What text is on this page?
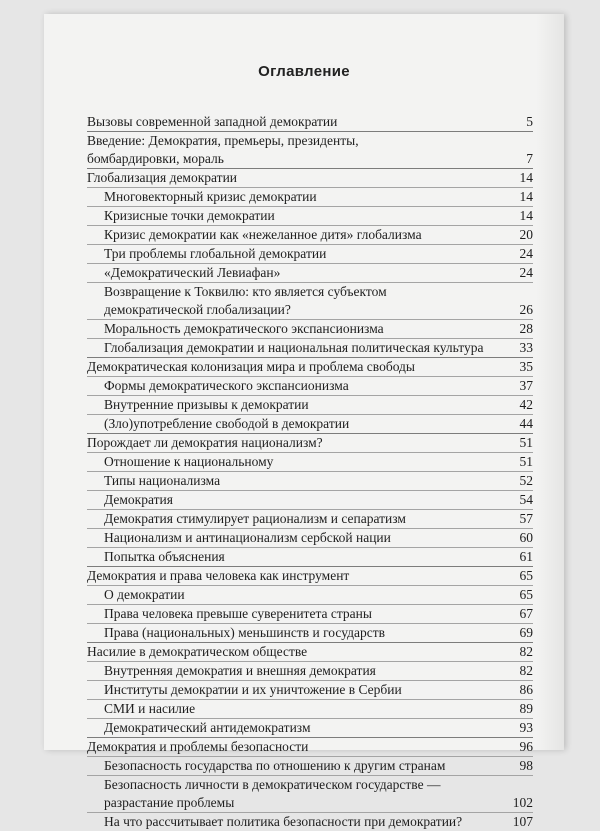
Оглавление
Вызовы современной западной демократии	5
Введение: Демократия, премьеры, президенты,
бомбардировки, мораль	7
Глобализация демократии	14
Многовекторный кризис демократии	14
Кризисные точки демократии	14
Кризис демократии как «нежеланное дитя» глобализма	20
Три проблемы глобальной демократии	24
«Демократический Левиафан»	24
Возвращение к Токвилю: кто является субъектом
демократической глобализации?	26
Моральность демократического экспансионизма	28
Глобализация демократии и национальная политическая культура	33
Демократическая колонизация мира и проблема свободы	35
Формы демократического экспансионизма	37
Внутренние призывы к демократии	42
(Зло)употребление свободой в демократии	44
Порождает ли демократия национализм?	51
Отношение к национальному	51
Типы национализма	52
Демократия	54
Демократия стимулирует рационализм и сепаратизм	57
Национализм и антинационализм сербской нации	60
Попытка объяснения	61
Демократия и права человека как инструмент	65
О демократии	65
Права человека превыше суверенитета страны	67
Права (национальных) меньшинств и государств	69
Насилие в демократическом обществе	82
Внутренняя демократия и внешняя демократия	82
Институты демократии и их уничтожение в Сербии	86
СМИ и насилие	89
Демократический антидемократизм	93
Демократия и проблемы безопасности	96
Безопасность государства по отношению к другим странам	98
Безопасность личности в демократическом государстве —
разрастание проблемы	102
На что рассчитывает политика безопасности при демократии?	107
